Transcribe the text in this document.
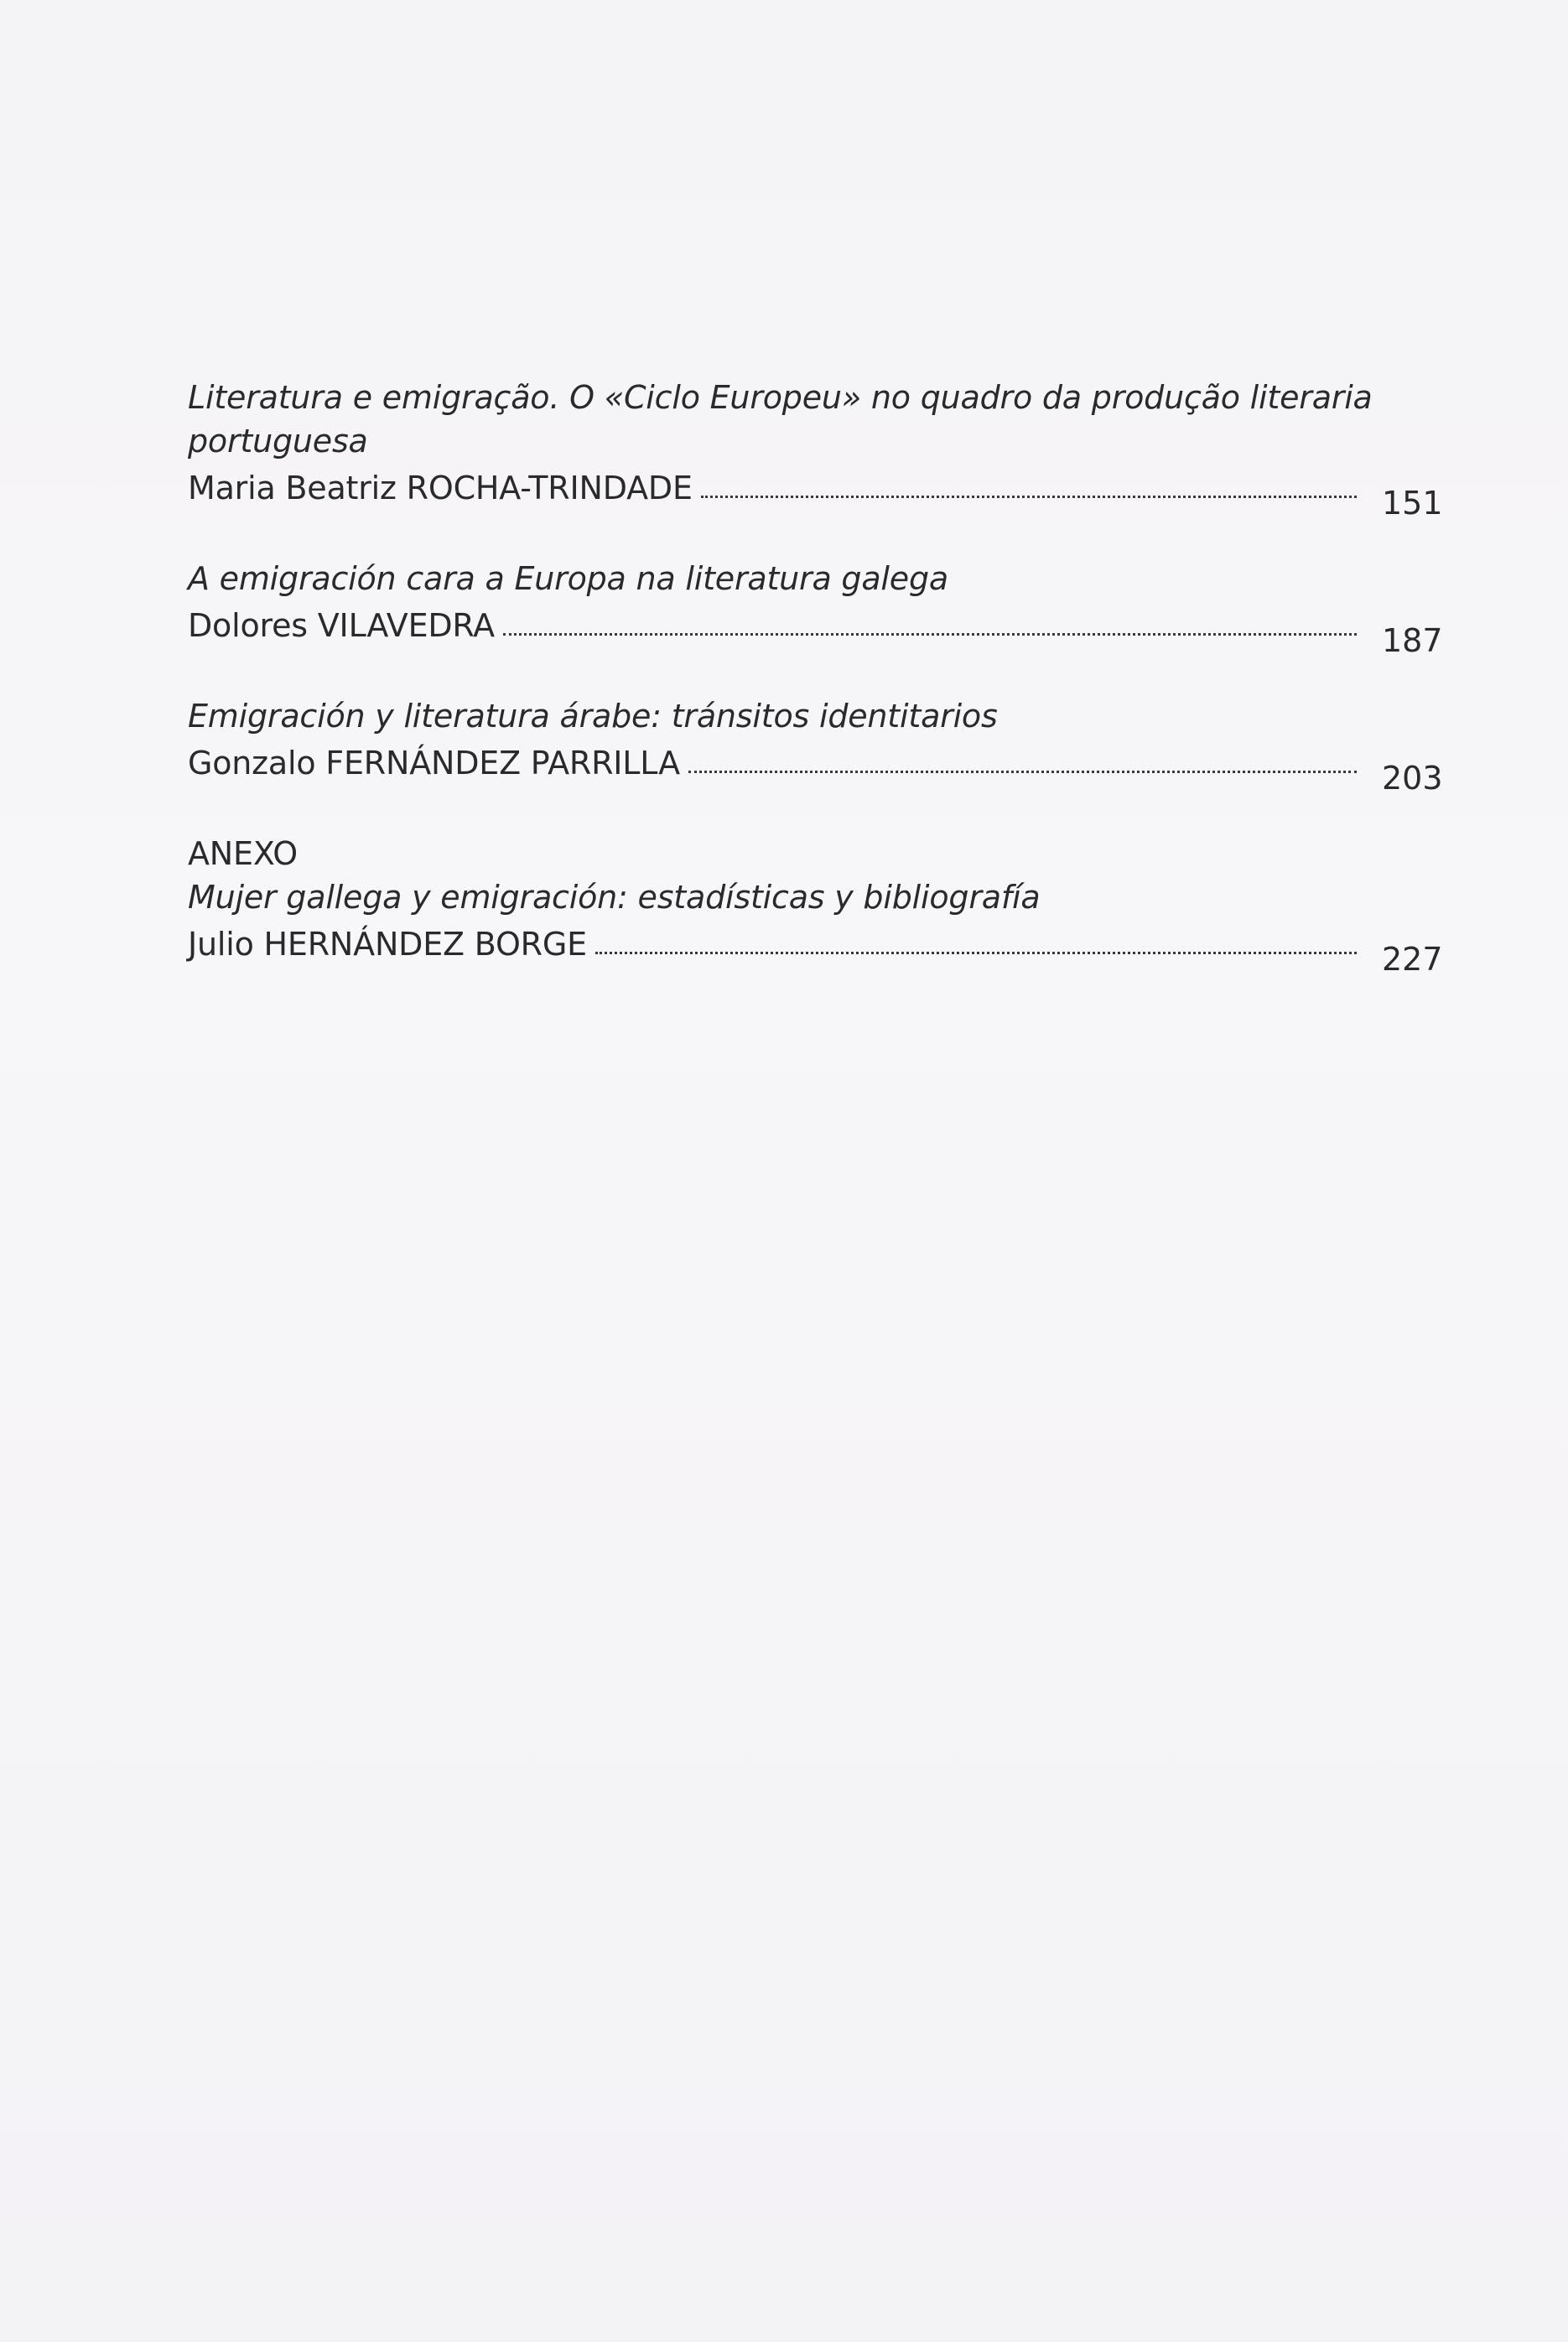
Literatura e emigração. O «Ciclo Europeu» no quadro da produção literaria
portuguesa
Maria Beatriz ROCHA-TRINDADE	151
A emigración cara a Europa na literatura galega
Dolores VILAVEDRA	187
Emigración y literatura árabe: tránsitos identitarios
Gonzalo FERNÁNDEZ PARRILLA	203
ANEXO
Mujer gallega y emigración: estadísticas y bibliografía
Julio HERNÁNDEZ BORGE	227
